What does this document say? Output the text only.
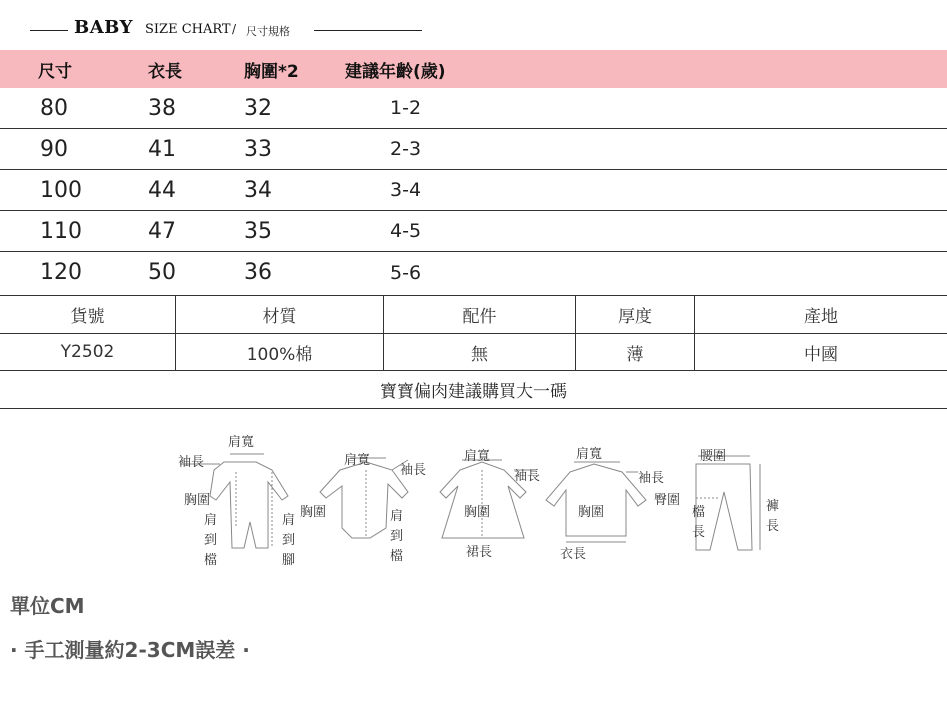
BABY SIZE CHART / 尺寸規格
尺寸	衣長	胸圍*2	建議年齡(歲)
80	38	32	1-2
90	41	33	2-3
100	44	34	3-4
110	47	35	4-5
120	50	36	5-6
貨號	材質	配件	厚度	產地
Y2502	100%棉	無	薄	中國
寶寶偏肉建議購買大一碼
肩寬
袖長
胸圍
肩
到
檔
肩
到
腳
肩寬
袖長
胸圍	肩
到
檔
肩寬
袖長
胸圍
裙長
肩寬
袖長
胸圍
衣長
腰圍
臀圍
檔
長
褲
長
單位CM
· 手工測量約2-3CM誤差 ·
